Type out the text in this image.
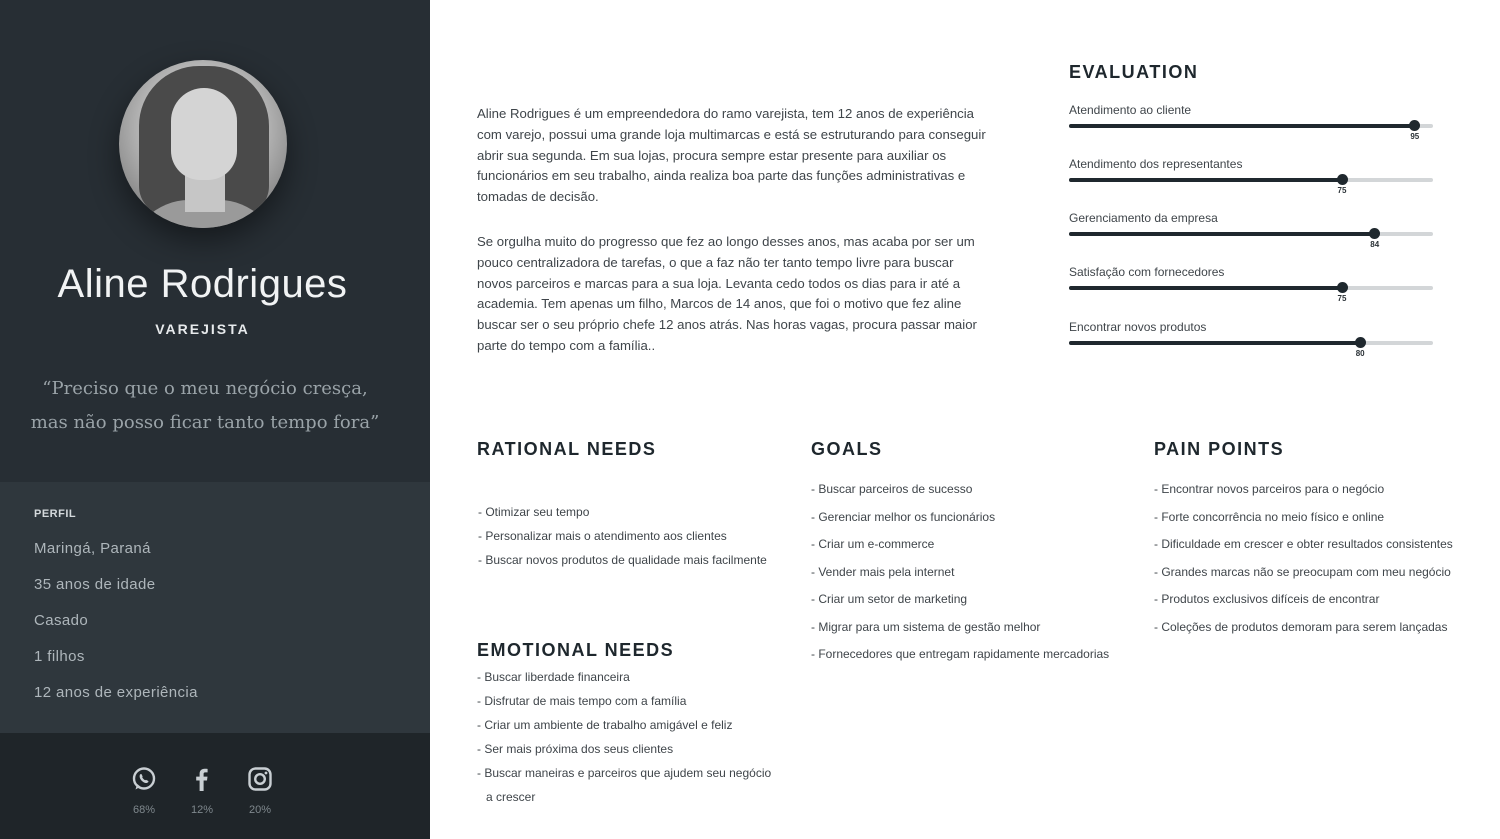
Aline Rodrigues
VAREJISTA
“Preciso que o meu negócio cresça,
mas não posso ficar tanto tempo fora”
PERFIL
Maringá, Paraná
35 anos de idade
Casado
1 filhos
12 anos de experiência
68%	12%	20%

Aline Rodrigues é um empreendedora do ramo varejista, tem 12 anos de experiência com varejo, possui uma grande loja multimarcas e está se estruturando para conseguir abrir sua segunda. Em sua lojas, procura sempre estar presente para auxiliar os funcionários em seu trabalho, ainda realiza boa parte das funções administrativas e tomadas de decisão.

Se orgulha muito do progresso que fez ao longo desses anos, mas acaba por ser um pouco centralizadora de tarefas, o que a faz não ter tanto tempo livre para buscar novos parceiros e marcas para a sua loja. Levanta cedo todos os dias para ir até a academia. Tem apenas um filho, Marcos de 14 anos, que foi o motivo que fez aline buscar ser o seu próprio chefe 12 anos atrás. Nas horas vagas, procura passar maior parte do tempo com a família..

EVALUATION
Atendimento ao cliente
95
Atendimento dos representantes
75
Gerenciamento da empresa
84
Satisfação com fornecedores
75
Encontrar novos produtos
80
RATIONAL NEEDS
- Otimizar seu tempo
- Personalizar mais o atendimento aos clientes
- Buscar novos produtos de qualidade mais facilmente
EMOTIONAL NEEDS
- Buscar liberdade financeira
- Disfrutar de mais tempo com a família
- Criar um ambiente de trabalho amigável e feliz
- Ser mais próxima dos seus clientes
- Buscar maneiras e parceiros que ajudem seu negócio
a crescer
GOALS
- Buscar parceiros de sucesso
- Gerenciar melhor os funcionários
- Criar um e-commerce
- Vender mais pela internet
- Criar um setor de marketing
- Migrar para um sistema de gestão melhor
- Fornecedores que entregam rapidamente mercadorias
PAIN POINTS
- Encontrar novos parceiros para o negócio
- Forte concorrência no meio físico e online
- Dificuldade em crescer e obter resultados consistentes
- Grandes marcas não se preocupam com meu negócio
- Produtos exclusivos difíceis de encontrar
- Coleções de produtos demoram para serem lançadas
